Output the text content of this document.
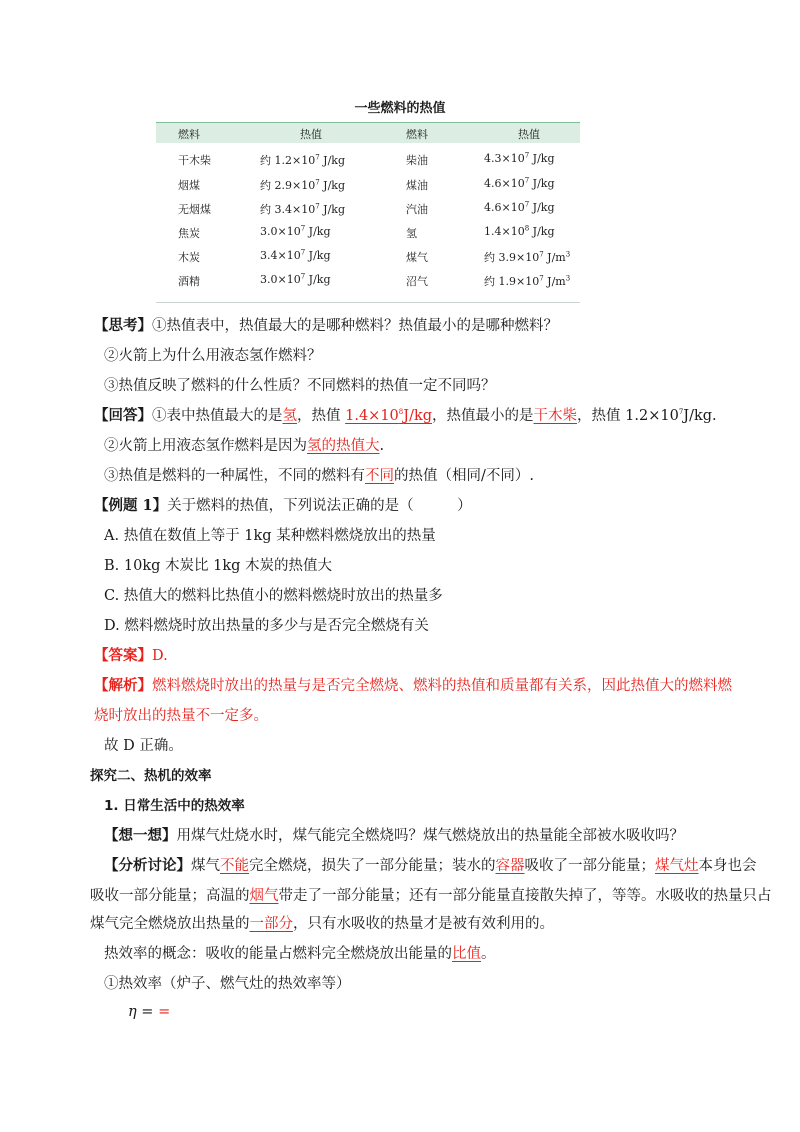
一些燃料的热值
燃料	热值	燃料	热值
干木柴	约 $1.2\times 10^7$ J/kg	柴油	$4.3\times 10^7$ J/kg
烟煤	约 $2.9\times 10^7$ J/kg	煤油	$4.6\times 10^7$ J/kg
无烟煤	约 $3.4\times 10^7$ J/kg	汽油	$4.6\times 10^7$ J/kg
焦炭	$3.0\times 10^7$ J/kg	氢	$1.4\times 10^8$ J/kg
木炭	$3.4\times 10^7$ J/kg	煤气	约 $3.9\times 10^7$ $J/m^3$
酒精	$3.0\times 10^7$ J/kg	沼气	约 $1.9\times 10^7$ $J/m^3$
【思考】①热值表中，热值最大的是哪种燃料？热值最小的是哪种燃料？
②火箭上为什么用液态氢作燃料？
③热值反映了燃料的什么性质？不同燃料的热值一定不同吗？
【回答】①表中热值最大的是氢，热值 $1.4\times 10^8J/kg$，热值最小的是干木柴，热值 $1.2\times 10^7J/kg$.
②火箭上用液态氢作燃料是因为氢的热值大.
③热值是燃料的一种属性，不同的燃料有不同的热值（相同/不同）.
【例题 1】关于燃料的热值，下列说法正确的是（　　　）
A. 热值在数值上等于 1kg 某种燃料燃烧放出的热量
B. 10kg 木炭比 1kg 木炭的热值大
C. 热值大的燃料比热值小的燃料燃烧时放出的热量多
D. 燃料燃烧时放出热量的多少与是否完全燃烧有关
【答案】D.
【解析】燃料燃烧时放出的热量与是否完全燃烧、燃料的热值和质量都有关系，因此热值大的燃料燃
烧时放出的热量不一定多。
故 D 正确。
探究二、热机的效率
1. 日常生活中的热效率
【想一想】用煤气灶烧水时，煤气能完全燃烧吗？煤气燃烧放出的热量能全部被水吸收吗？
【分析讨论】煤气不能完全燃烧，损失了一部分能量；装水的容器吸收了一部分能量；煤气灶本身也会
吸收一部分能量；高温的烟气带走了一部分能量；还有一部分能量直接散失掉了，等等。水吸收的热量只占
煤气完全燃烧放出热量的一部分，只有水吸收的热量才是被有效利用的。
热效率的概念：吸收的能量占燃料完全燃烧放出能量的比值。
①热效率（炉子、燃气灶的热效率等）
η = =
